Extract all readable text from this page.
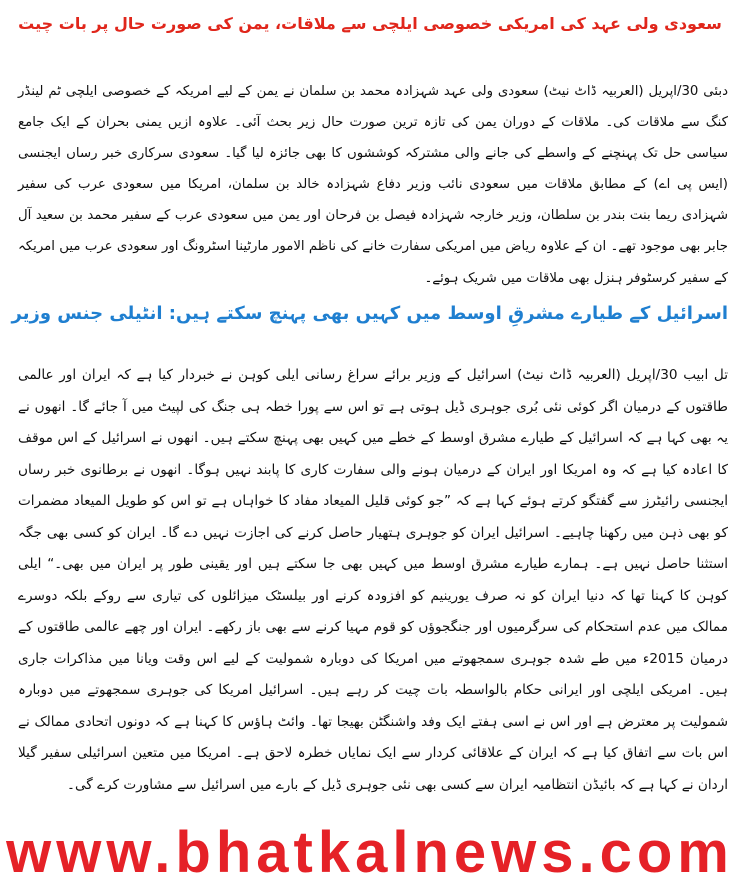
سعودی ولی عہد کی امریکی خصوصی ایلچی سے ملاقات، یمن کی صورت حال پر بات چیت
دبئی 30/اپریل (العربیہ ڈاٹ نیٹ) سعودی ولی عہد شہزادہ محمد بن سلمان نے یمن کے لیے امریکہ کے خصوصی ایلچی ٹم لینڈر کنگ سے ملاقات کی۔ ملاقات کے دوران یمن کی تازہ ترین صورت حال زیر بحث آئی۔ علاوہ ازیں یمنی بحران کے ایک جامع سیاسی حل تک پہنچنے کے واسطے کی جانے والی مشترکہ کوششوں کا بھی جائزہ لیا گیا۔ سعودی سرکاری خبر رساں ایجنسی (ایس پی اے) کے مطابق ملاقات میں سعودی نائب وزیر دفاع شہزادہ خالد بن سلمان، امریکا میں سعودی عرب کی سفیر شہزادی ریما بنت بندر بن سلطان، وزیر خارجہ شہزادہ فیصل بن فرحان اور یمن میں سعودی عرب کے سفیر محمد بن سعید آل جابر بھی موجود تھے۔ ان کے علاوہ ریاض میں امریکی سفارت خانے کی ناظم الامور مارٹینا اسٹرونگ اور سعودی عرب میں امریکہ کے سفیر کرسٹوفر ہنزل بھی ملاقات میں شریک ہوئے۔
اسرائیل کے طیارے مشرقِ اوسط میں کہیں بھی پہنچ سکتے ہیں: انٹیلی جنس وزیر
تل ابیب 30/اپریل (العربیہ ڈاٹ نیٹ) اسرائیل کے وزیر برائے سراغ رسانی ایلی کوہن نے خبردار کیا ہے کہ ایران اور عالمی طاقتوں کے درمیان اگر کوئی نئی بُری جوہری ڈیل ہوتی ہے تو اس سے پورا خطہ ہی جنگ کی لپیٹ میں آ جائے گا۔ انھوں نے یہ بھی کہا ہے کہ اسرائیل کے طیارے مشرق اوسط کے خطے میں کہیں بھی پہنچ سکتے ہیں۔ انھوں نے اسرائیل کے اس موقف کا اعادہ کیا ہے کہ وہ امریکا اور ایران کے درمیان ہونے والی سفارت کاری کا پابند نہیں ہوگا۔ انھوں نے برطانوی خبر رساں ایجنسی رائیٹرز سے گفتگو کرتے ہوئے کہا ہے کہ ”جو کوئی قلیل المیعاد مفاد کا خواہاں ہے تو اس کو طویل المیعاد مضمرات کو بھی ذہن میں رکھنا چاہیے۔ اسرائیل ایران کو جوہری ہتھیار حاصل کرنے کی اجازت نہیں دے گا۔ ایران کو کسی بھی جگہ استثنا حاصل نہیں ہے۔ ہمارے طیارے مشرق اوسط میں کہیں بھی جا سکتے ہیں اور یقینی طور پر ایران میں بھی۔“ ایلی کوہن کا کہنا تھا کہ دنیا ایران کو نہ صرف یورینیم کو افزودہ کرنے اور بیلسٹک میزائلوں کی تیاری سے روکے بلکہ دوسرے ممالک میں عدم استحکام کی سرگرمیوں اور جنگجوؤں کو قوم مہیا کرنے سے بھی باز رکھے۔ ایران اور چھے عالمی طاقتوں کے درمیان 2015ء میں طے شدہ جوہری سمجھوتے میں امریکا کی دوبارہ شمولیت کے لیے اس وقت ویانا میں مذاکرات جاری ہیں۔ امریکی ایلچی اور ایرانی حکام بالواسطہ بات چیت کر رہے ہیں۔ اسرائیل امریکا کی جوہری سمجھوتے میں دوبارہ شمولیت پر معترض ہے اور اس نے اسی ہفتے ایک وفد واشنگٹن بھیجا تھا۔ وائٹ ہاؤس کا کہنا ہے کہ دونوں اتحادی ممالک نے اس بات سے اتفاق کیا ہے کہ ایران کے علاقائی کردار سے ایک نمایاں خطرہ لاحق ہے۔ امریکا میں متعین اسرائیلی سفیر گیلا اردان نے کہا ہے کہ بائیڈن انتظامیہ ایران سے کسی بھی نئی جوہری ڈیل کے بارے میں اسرائیل سے مشاورت کرے گی۔
www.bhatkalnews.com
